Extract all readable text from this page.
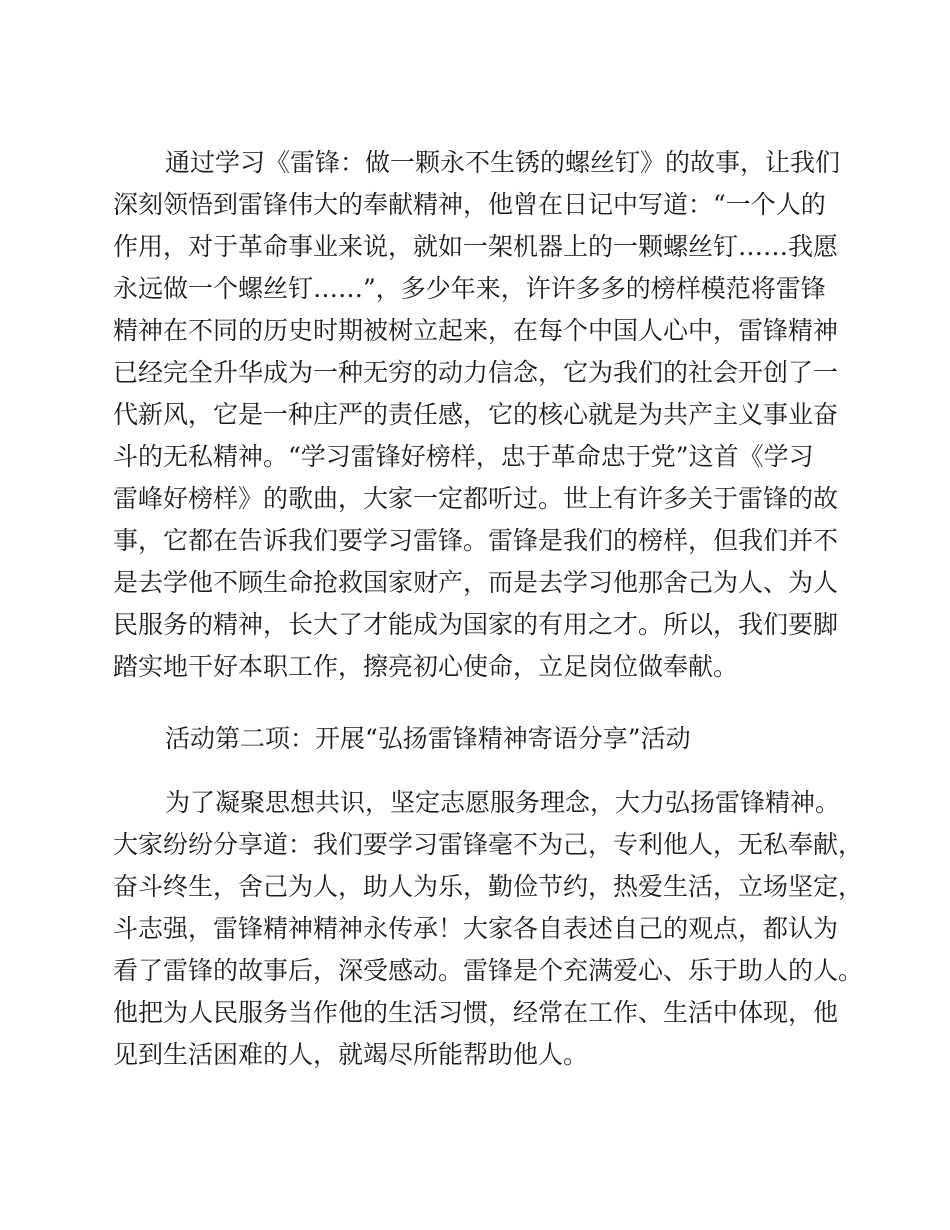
通过学习《雷锋：做一颗永不生锈的螺丝钉》的故事，让我们
深刻领悟到雷锋伟大的奉献精神，他曾在日记中写道：“一个人的
作用，对于革命事业来说，就如一架机器上的一颗螺丝钉……我愿
永远做一个螺丝钉……”，多少年来，许许多多的榜样模范将雷锋
精神在不同的历史时期被树立起来，在每个中国人心中，雷锋精神
已经完全升华成为一种无穷的动力信念，它为我们的社会开创了一
代新风，它是一种庄严的责任感，它的核心就是为共产主义事业奋
斗的无私精神。“学习雷锋好榜样，忠于革命忠于党”这首《学习
雷峰好榜样》的歌曲，大家一定都听过。世上有许多关于雷锋的故
事，它都在告诉我们要学习雷锋。雷锋是我们的榜样，但我们并不
是去学他不顾生命抢救国家财产，而是去学习他那舍己为人、为人
民服务的精神，长大了才能成为国家的有用之才。所以，我们要脚
踏实地干好本职工作，擦亮初心使命，立足岗位做奉献。
活动第二项：开展“弘扬雷锋精神寄语分享”活动
为了凝聚思想共识，坚定志愿服务理念，大力弘扬雷锋精神。
大家纷纷分享道：我们要学习雷锋毫不为己，专利他人，无私奉献，
奋斗终生，舍己为人，助人为乐，勤俭节约，热爱生活，立场坚定，
斗志强，雷锋精神精神永传承！大家各自表述自己的观点，都认为
看了雷锋的故事后，深受感动。雷锋是个充满爱心、乐于助人的人。
他把为人民服务当作他的生活习惯，经常在工作、生活中体现，他
见到生活困难的人，就竭尽所能帮助他人。
